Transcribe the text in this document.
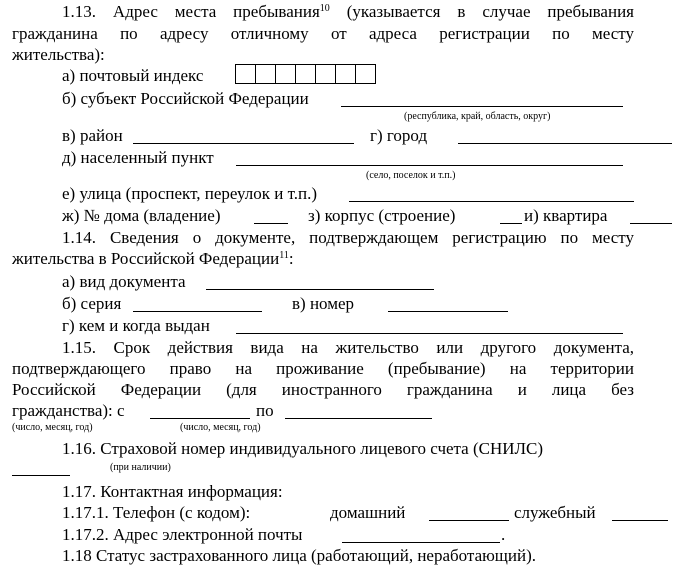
1.13. Адрес места пребывания$^{10}$ (указывается в случае пребывания
гражданина по адресу отличному от адреса регистрации по месту
жительства):
а) почтовый индекс
б) субъект Российской Федерации
(республика, край, область, округ)
в) район	г) город
д) населенный пункт
(село, поселок и т.п.)
е) улица (проспект, переулок и т.п.)
ж) № дома (владение)	з) корпус (строение)	и) квартира
1.14. Сведения о документе, подтверждающем регистрацию по месту
жительства в Российской Федерации$^{11}$:
а) вид документа
б) серия	в) номер
г) кем и когда выдан
1.15. Срок действия вида на жительство или другого документа,
подтверждающего право на проживание (пребывание) на территории
Российской Федерации (для иностранного гражданина и лица без
гражданства): с	по
(число, месяц, год)	(число, месяц, год)
1.16. Страховой номер индивидуального лицевого счета (СНИЛС)
(при наличии)
1.17. Контактная информация:
1.17.1. Телефон (с кодом):	домашний	служебный
1.17.2. Адрес электронной почты	.
1.18 Статус застрахованного лица (работающий, неработающий).
